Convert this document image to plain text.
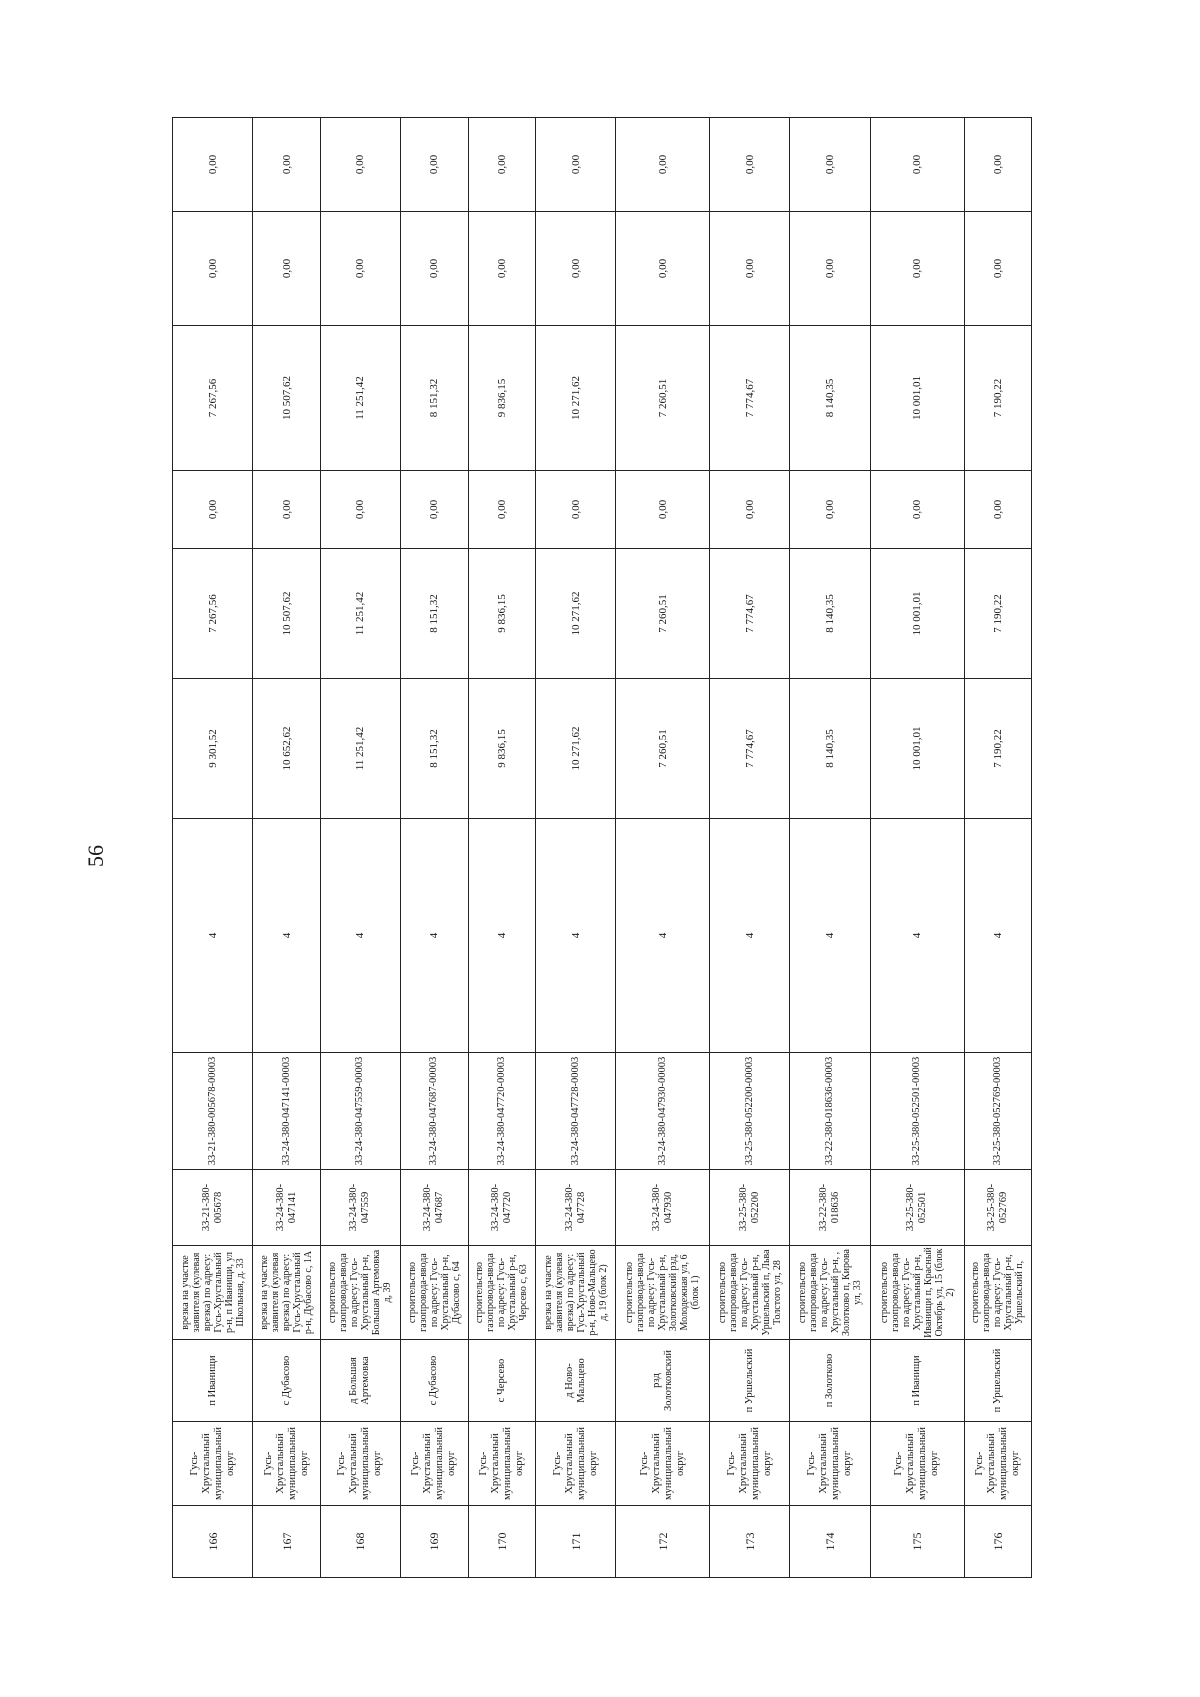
56
166	Гусь-Хрустальный муниципальный округ	п Иванищи	врезка на участке заявителя (кулевая врезка) по адресу: Гусь-Хрустальный р-н, п Иванищи, ул Школьная, д. 33	33-21-380-005678	33-21-380-005678-00003	4	9 301,52	7 267,56	0,00	7 267,56	0,00	0,00
167	Гусь-Хрустальный муниципальный округ	с Дубасово	врезка на участке заявителя (кулевая врезка) по адресу: Гусь-Хрустальный р-н, Дубасово с, 1А	33-24-380-047141	33-24-380-047141-00003	4	10 652,62	10 507,62	0,00	10 507,62	0,00	0,00
168	Гусь-Хрустальный муниципальный округ	д Большая Артемовка	строительство газопровода-ввода по адресу: Гусь-Хрустальный р-н, Большая Артемовка д, 39	33-24-380-047559	33-24-380-047559-00003	4	11 251,42	11 251,42	0,00	11 251,42	0,00	0,00
169	Гусь-Хрустальный муниципальный округ	с Дубасово	строительство газопровода-ввода по адресу: Гусь-Хрустальный р-н, Дубасово с, 64	33-24-380-047687	33-24-380-047687-00003	4	8 151,32	8 151,32	0,00	8 151,32	0,00	0,00
170	Гусь-Хрустальный муниципальный округ	с Черсево	строительство газопровода-ввода по адресу: Гусь-Хрустальный р-н, Черсево с, 63	33-24-380-047720	33-24-380-047720-00003	4	9 836,15	9 836,15	0,00	9 836,15	0,00	0,00
171	Гусь-Хрустальный муниципальный округ	д Ново-Мальцево	врезка на участке заявителя (кулевая врезка) по адресу: Гусь-Хрустальный р-н, Ново-Мальцево д, 19 (блок 2)	33-24-380-047728	33-24-380-047728-00003	4	10 271,62	10 271,62	0,00	10 271,62	0,00	0,00
172	Гусь-Хрустальный муниципальный округ	рзд Золотковский	строительство газопровода-ввода по адресу: Гусь-Хрустальный р-н, Золотковский рзд, Молодежная ул, 6 (блок 1)	33-24-380-047930	33-24-380-047930-00003	4	7 260,51	7 260,51	0,00	7 260,51	0,00	0,00
173	Гусь-Хрустальный муниципальный округ	п Уршельский	строительство газопровода-ввода по адресу: Гусь-Хрустальный р-н, Уршельский п, Льва Толстого ул, 28	33-25-380-052200	33-25-380-052200-00003	4	7 774,67	7 774,67	0,00	7 774,67	0,00	0,00
174	Гусь-Хрустальный муниципальный округ	п Золотково	строительство газопровода-ввода по адресу: Гусь-Хрустальный р-н, , Золотково п, Кирова ул, 33	33-22-380-018636	33-22-380-018636-00003	4	8 140,35	8 140,35	0,00	8 140,35	0,00	0,00
175	Гусь-Хрустальный муниципальный округ	п Иванищи	строительство газопровода-ввода по адресу: Гусь-Хрустальный р-н, Иванищи п, Красный Октябрь ул, 15 (блок 2)	33-25-380-052501	33-25-380-052501-00003	4	10 001,01	10 001,01	0,00	10 001,01	0,00	0,00
176	Гусь-Хрустальный муниципальный округ	п Уршельский	строительство газопровода-ввода по адресу: Гусь-Хрустальный р-н, Уршельский п,	33-25-380-052769	33-25-380-052769-00003	4	7 190,22	7 190,22	0,00	7 190,22	0,00	0,00
